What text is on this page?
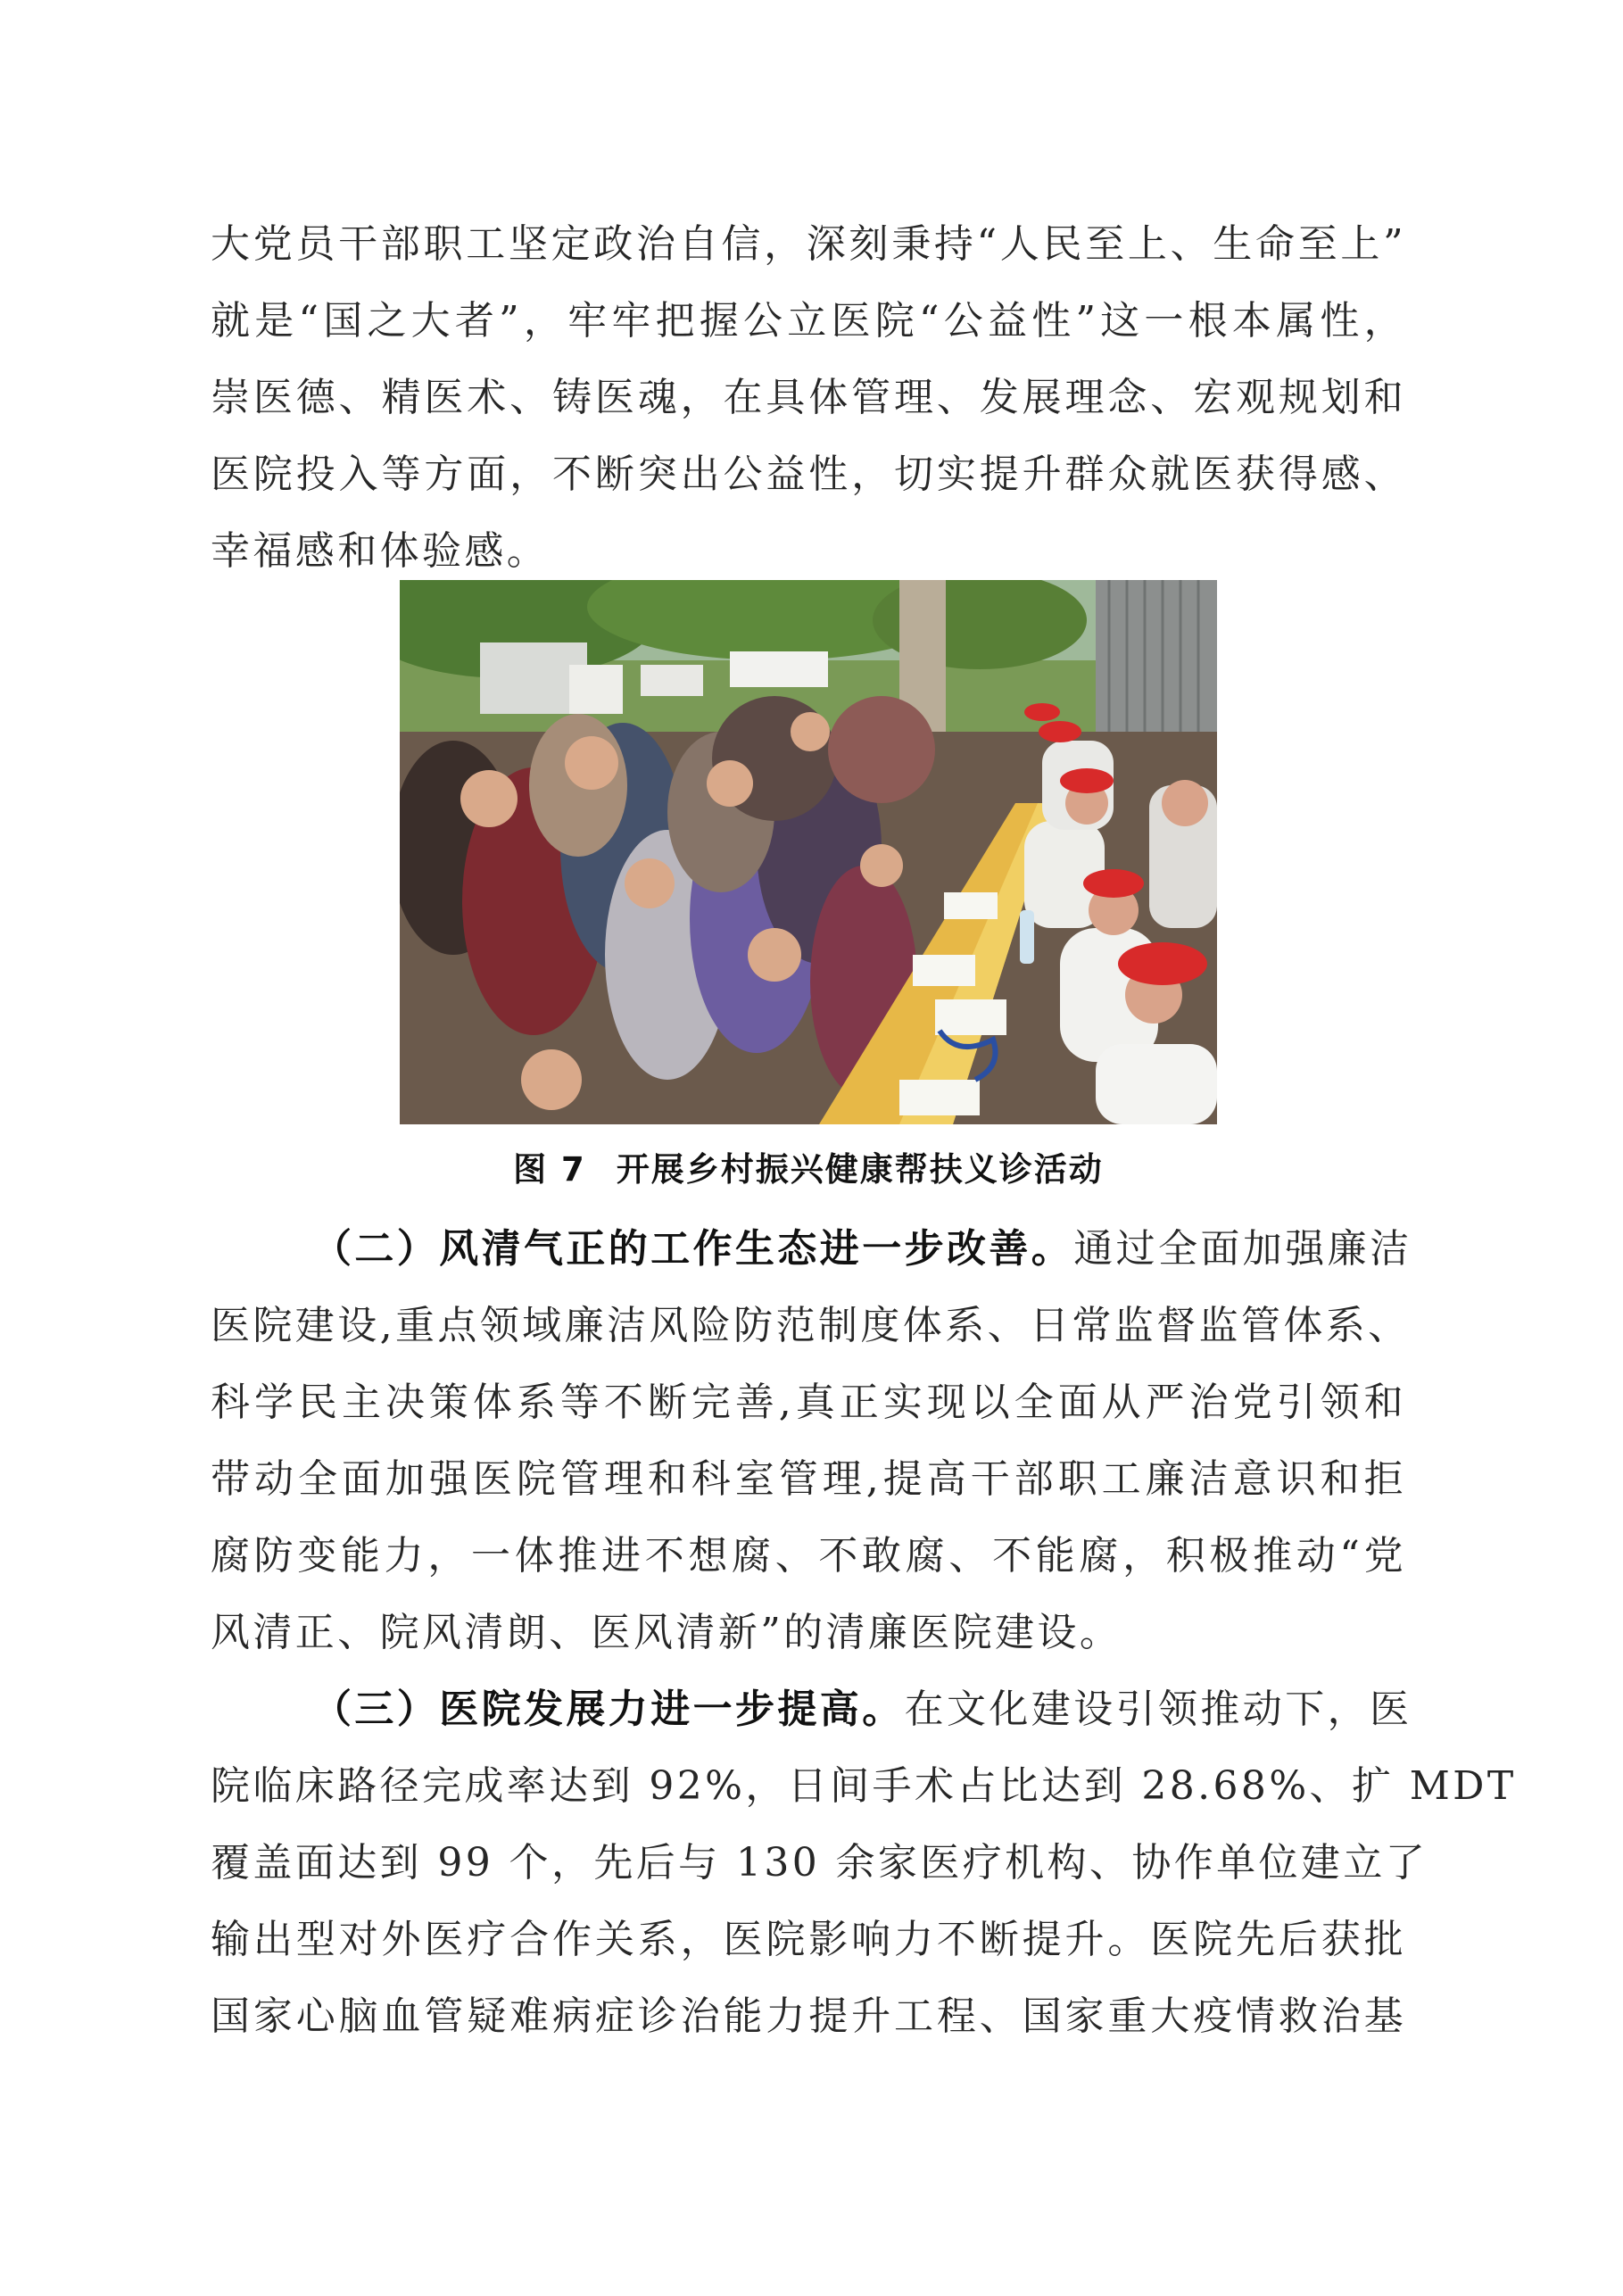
大党员干部职工坚定政治自信，深刻秉持“人民至上、生命至上”
就是“国之大者”，牢牢把握公立医院“公益性”这一根本属性，
崇医德、精医术、铸医魂，在具体管理、发展理念、宏观规划和
医院投入等方面，不断突出公益性，切实提升群众就医获得感、
幸福感和体验感。
图 7 开展乡村振兴健康帮扶义诊活动
（二）风清气正的工作生态进一步改善。通过全面加强廉洁
医院建设,重点领域廉洁风险防范制度体系、日常监督监管体系、
科学民主决策体系等不断完善,真正实现以全面从严治党引领和
带动全面加强医院管理和科室管理,提高干部职工廉洁意识和拒
腐防变能力，一体推进不想腐、不敢腐、不能腐，积极推动“党
风清正、院风清朗、医风清新”的清廉医院建设。
（三）医院发展力进一步提高。在文化建设引领推动下，医
院临床路径完成率达到 92%，日间手术占比达到 28.68%、扩 MDT
覆盖面达到 99 个，先后与 130 余家医疗机构、协作单位建立了
输出型对外医疗合作关系，医院影响力不断提升。医院先后获批
国家心脑血管疑难病症诊治能力提升工程、国家重大疫情救治基
